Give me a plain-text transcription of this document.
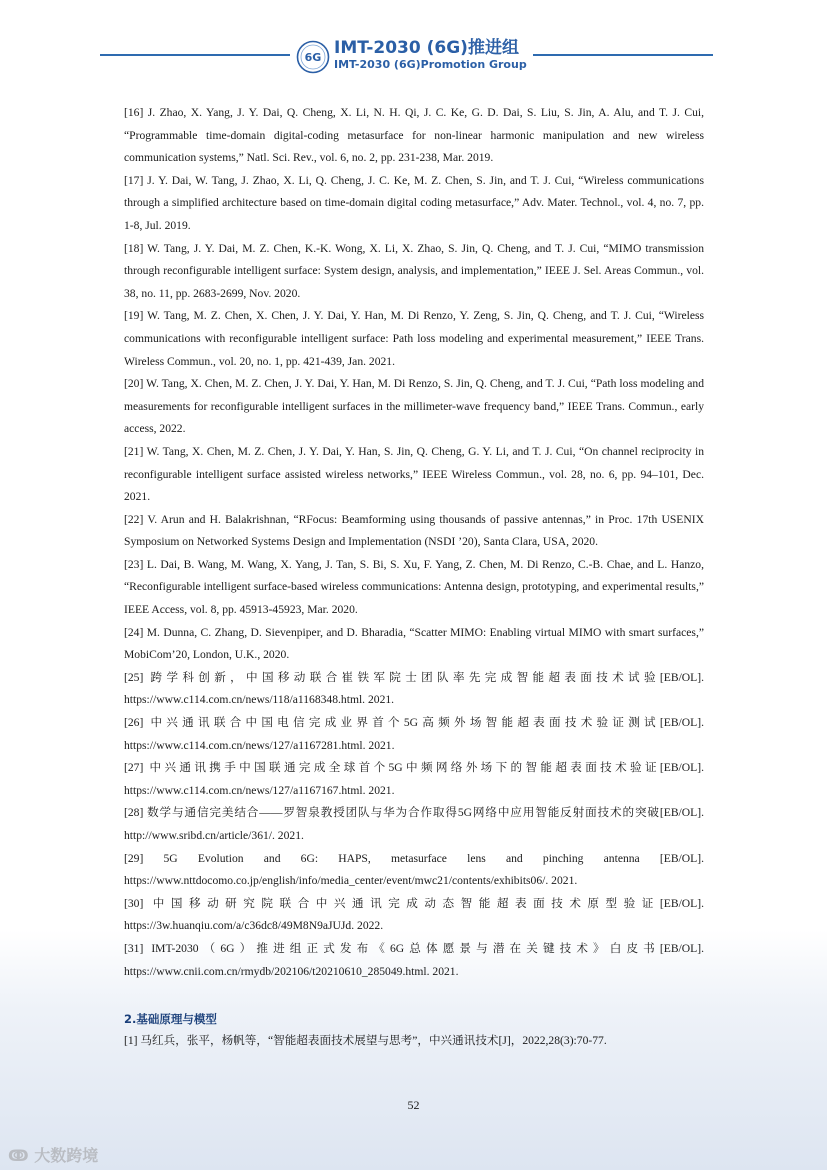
6G IMT-2030 (6G)推进组
IMT-2030 (6G)Promotion Group

[16] J. Zhao, X. Yang, J. Y. Dai, Q. Cheng, X. Li, N. H. Qi, J. C. Ke, G. D. Dai, S. Liu, S. Jin, A. Alu, and T. J. Cui, “Programmable time-domain digital-coding metasurface for non-linear harmonic manipulation and new wireless communication systems,” Natl. Sci. Rev., vol. 6, no. 2, pp. 231-238, Mar. 2019.

[17] J. Y. Dai, W. Tang, J. Zhao, X. Li, Q. Cheng, J. C. Ke, M. Z. Chen, S. Jin, and T. J. Cui, “Wireless communications through a simplified architecture based on time-domain digital coding metasurface,” Adv. Mater. Technol., vol. 4, no. 7, pp. 1-8, Jul. 2019.

[18] W. Tang, J. Y. Dai, M. Z. Chen, K.-K. Wong, X. Li, X. Zhao, S. Jin, Q. Cheng, and T. J. Cui, “MIMO transmission through reconfigurable intelligent surface: System design, analysis, and implementation,” IEEE J. Sel. Areas Commun., vol. 38, no. 11, pp. 2683-2699, Nov. 2020.

[19] W. Tang, M. Z. Chen, X. Chen, J. Y. Dai, Y. Han, M. Di Renzo, Y. Zeng, S. Jin, Q. Cheng, and T. J. Cui, “Wireless communications with reconfigurable intelligent surface: Path loss modeling and experimental measurement,” IEEE Trans. Wireless Commun., vol. 20, no. 1, pp. 421-439, Jan. 2021.

[20] W. Tang, X. Chen, M. Z. Chen, J. Y. Dai, Y. Han, M. Di Renzo, S. Jin, Q. Cheng, and T. J. Cui, “Path loss modeling and measurements for reconfigurable intelligent surfaces in the millimeter-wave frequency band,” IEEE Trans. Commun., early access, 2022.

[21] W. Tang, X. Chen, M. Z. Chen, J. Y. Dai, Y. Han, S. Jin, Q. Cheng, G. Y. Li, and T. J. Cui, “On channel reciprocity in reconfigurable intelligent surface assisted wireless networks,” IEEE Wireless Commun., vol. 28, no. 6, pp. 94–101, Dec. 2021.

[22] V. Arun and H. Balakrishnan, “RFocus: Beamforming using thousands of passive antennas,” in Proc. 17th USENIX Symposium on Networked Systems Design and Implementation (NSDI ’20), Santa Clara, USA, 2020.

[23] L. Dai, B. Wang, M. Wang, X. Yang, J. Tan, S. Bi, S. Xu, F. Yang, Z. Chen, M. Di Renzo, C.-B. Chae, and L. Hanzo, “Reconfigurable intelligent surface-based wireless communications: Antenna design, prototyping, and experimental results,” IEEE Access, vol. 8, pp. 45913-45923, Mar. 2020.

[24] M. Dunna, C. Zhang, D. Sievenpiper, and D. Bharadia, “Scatter MIMO: Enabling virtual MIMO with smart surfaces,” MobiCom’20, London, U.K., 2020.

[25] 跨学科创新，中国移动联合崔铁军院士团队率先完成智能超表面技术试验[EB/OL]. https://www.c114.com.cn/news/118/a1168348.html. 2021.

[26] 中兴通讯联合中国电信完成业界首个5G高频外场智能超表面技术验证测试[EB/OL]. https://www.c114.com.cn/news/127/a1167281.html. 2021.

[27] 中兴通讯携手中国联通完成全球首个5G中频网络外场下的智能超表面技术验证[EB/OL]. https://www.c114.com.cn/news/127/a1167167.html. 2021.

[28] 数学与通信完美结合——罗智泉教授团队与华为合作取得5G网络中应用智能反射面技术的突破[EB/OL]. http://www.sribd.cn/article/361/. 2021.

[29] 5G Evolution and 6G: HAPS, metasurface lens and pinching antenna [EB/OL]. https://www.nttdocomo.co.jp/english/info/media_center/event/mwc21/contents/exhibits06/. 2021.

[30] 中国移动研究院联合中兴通讯完成动态智能超表面技术原型验证[EB/OL]. https://3w.huanqiu.com/a/c36dc8/49M8N9aJUJd. 2022.

[31] IMT-2030（6G）推进组正式发布《6G总体愿景与潜在关键技术》白皮书[EB/OL]. https://www.cnii.com.cn/rmydb/202106/t20210610_285049.html. 2021.

2.基础原理与模型

[1] 马红兵，张平，杨帆等，“智能超表面技术展望与思考”，中兴通讯技术[J]，2022,28(3):70-77.

52
ↂ 大数跨境
